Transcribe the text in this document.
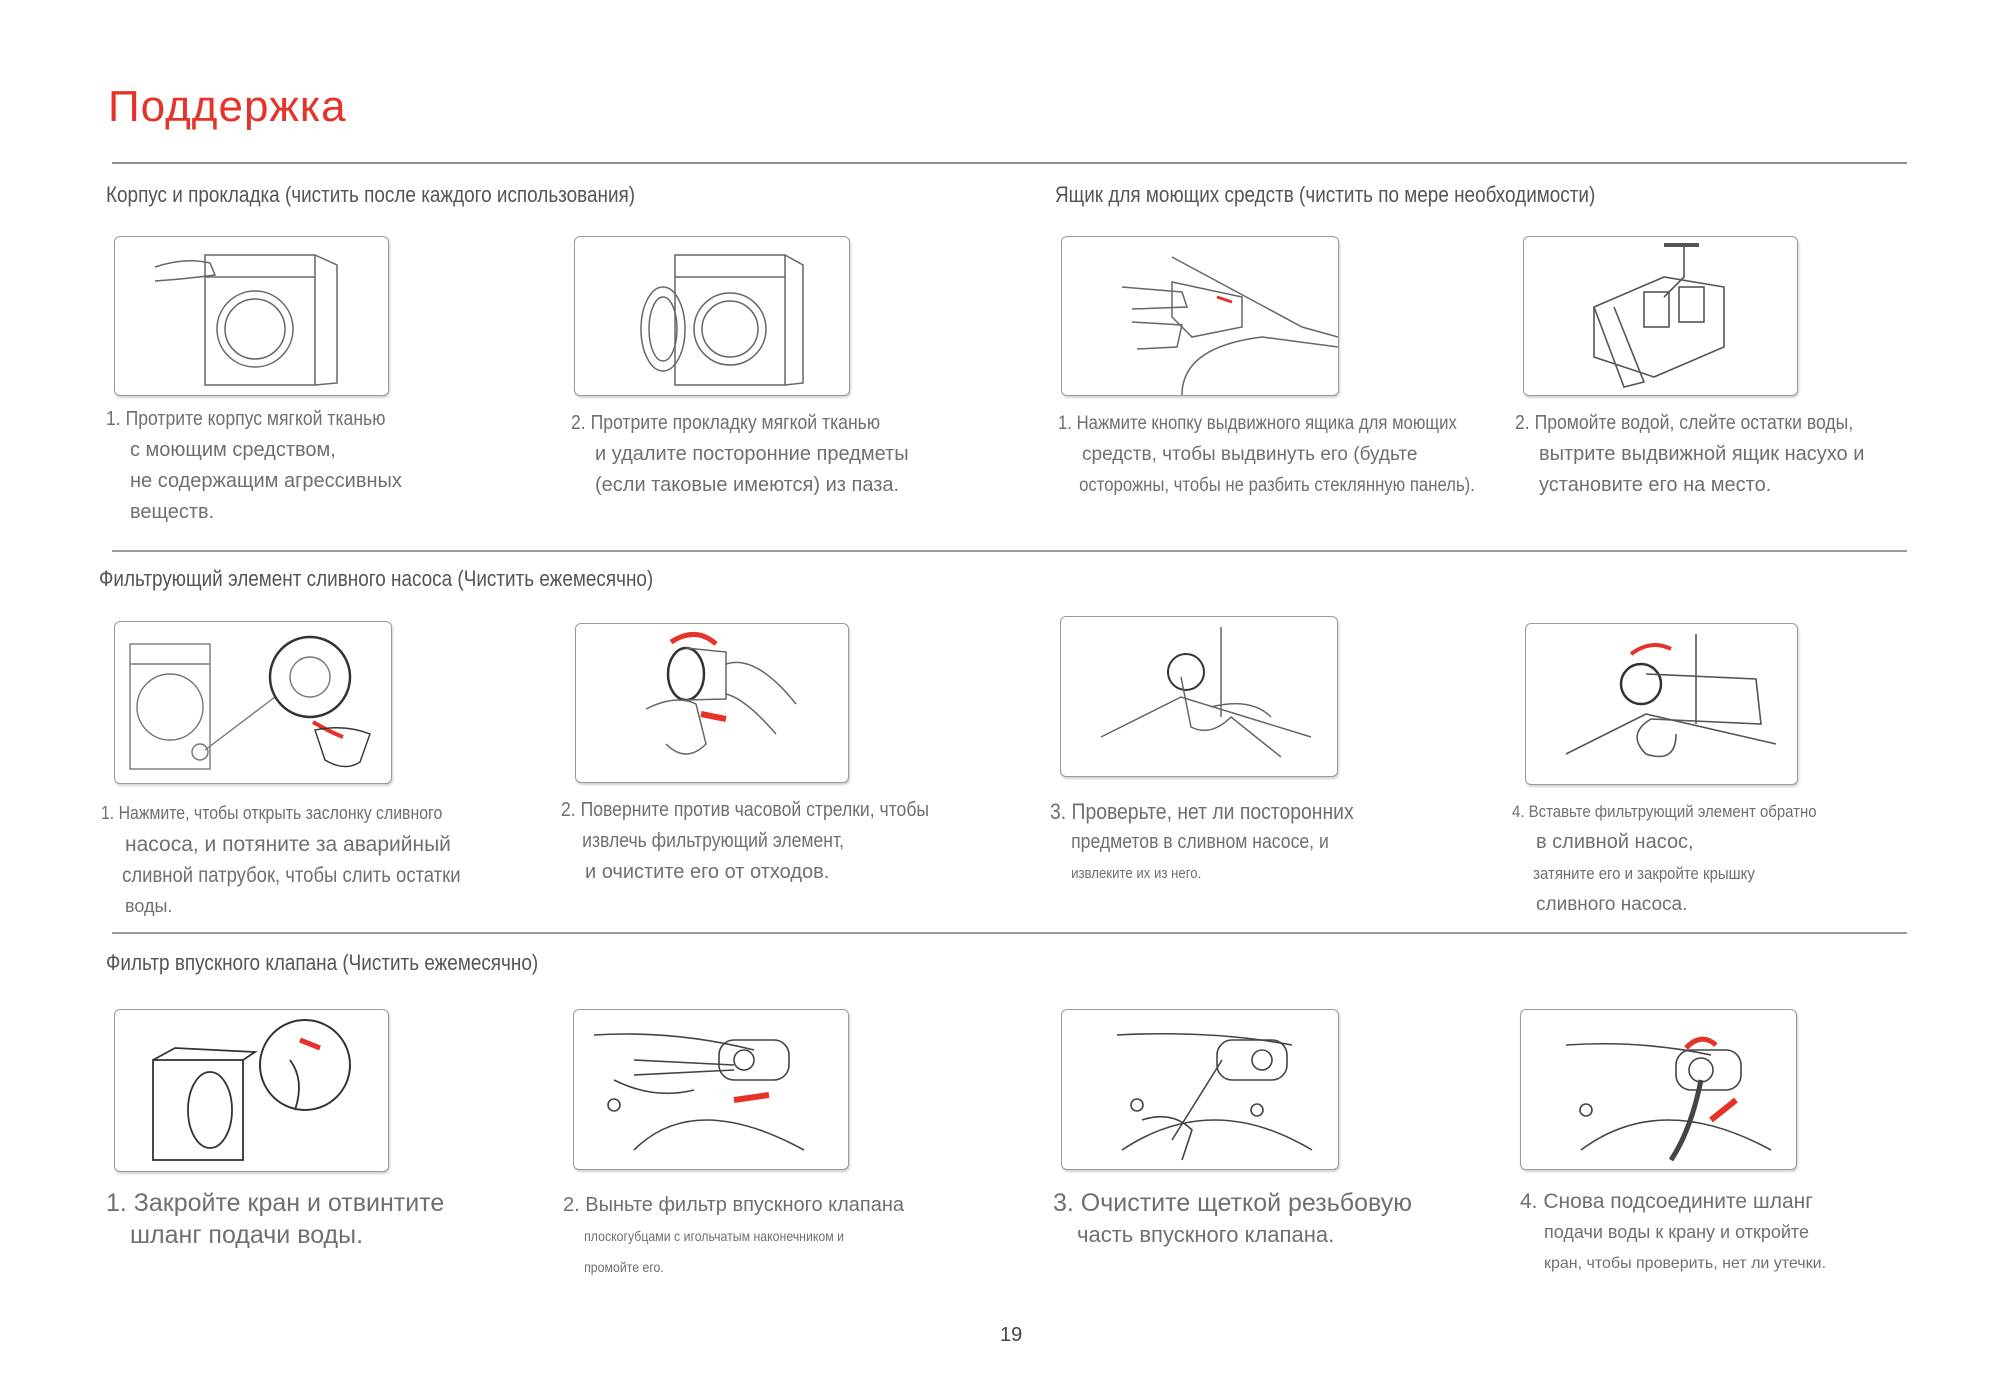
Поддержка
Корпус и прокладка (чистить после каждого использования)	Ящик для моющих средств (чистить по мере необходимости)
1. Протрите корпус мягкой тканью
с моющим средством,
не содержащим агрессивных
веществ.
2. Протрите прокладку мягкой тканью
и удалите посторонние предметы
(если таковые имеются) из паза.
1. Нажмите кнопку выдвижного ящика для моющих
средств, чтобы выдвинуть его (будьте
осторожны, чтобы не разбить стеклянную панель).
2. Промойте водой, слейте остатки воды,
вытрите выдвижной ящик насухо и
установите его на место.
Фильтрующий элемент сливного насоса (Чистить ежемесячно)
1. Нажмите, чтобы открыть заслонку сливного
насоса, и потяните за аварийный
сливной патрубок, чтобы слить остатки
воды.
2. Поверните против часовой стрелки, чтобы
извлечь фильтрующий элемент,
и очистите его от отходов.
3. Проверьте, нет ли посторонних
предметов в сливном насосе, и
извлеките их из него.
4. Вставьте фильтрующий элемент обратно
в сливной насос,
затяните его и закройте крышку
сливного насоса.
Фильтр впускного клапана (Чистить ежемесячно)
1. Закройте кран и отвинтите
шланг подачи воды.
2. Выньте фильтр впускного клапана
плоскогубцами с игольчатым наконечником и
промойте его.
3. Очистите щеткой резьбовую
часть впускного клапана.
4. Снова подсоедините шланг
подачи воды к крану и откройте
кран, чтобы проверить, нет ли утечки.
19
